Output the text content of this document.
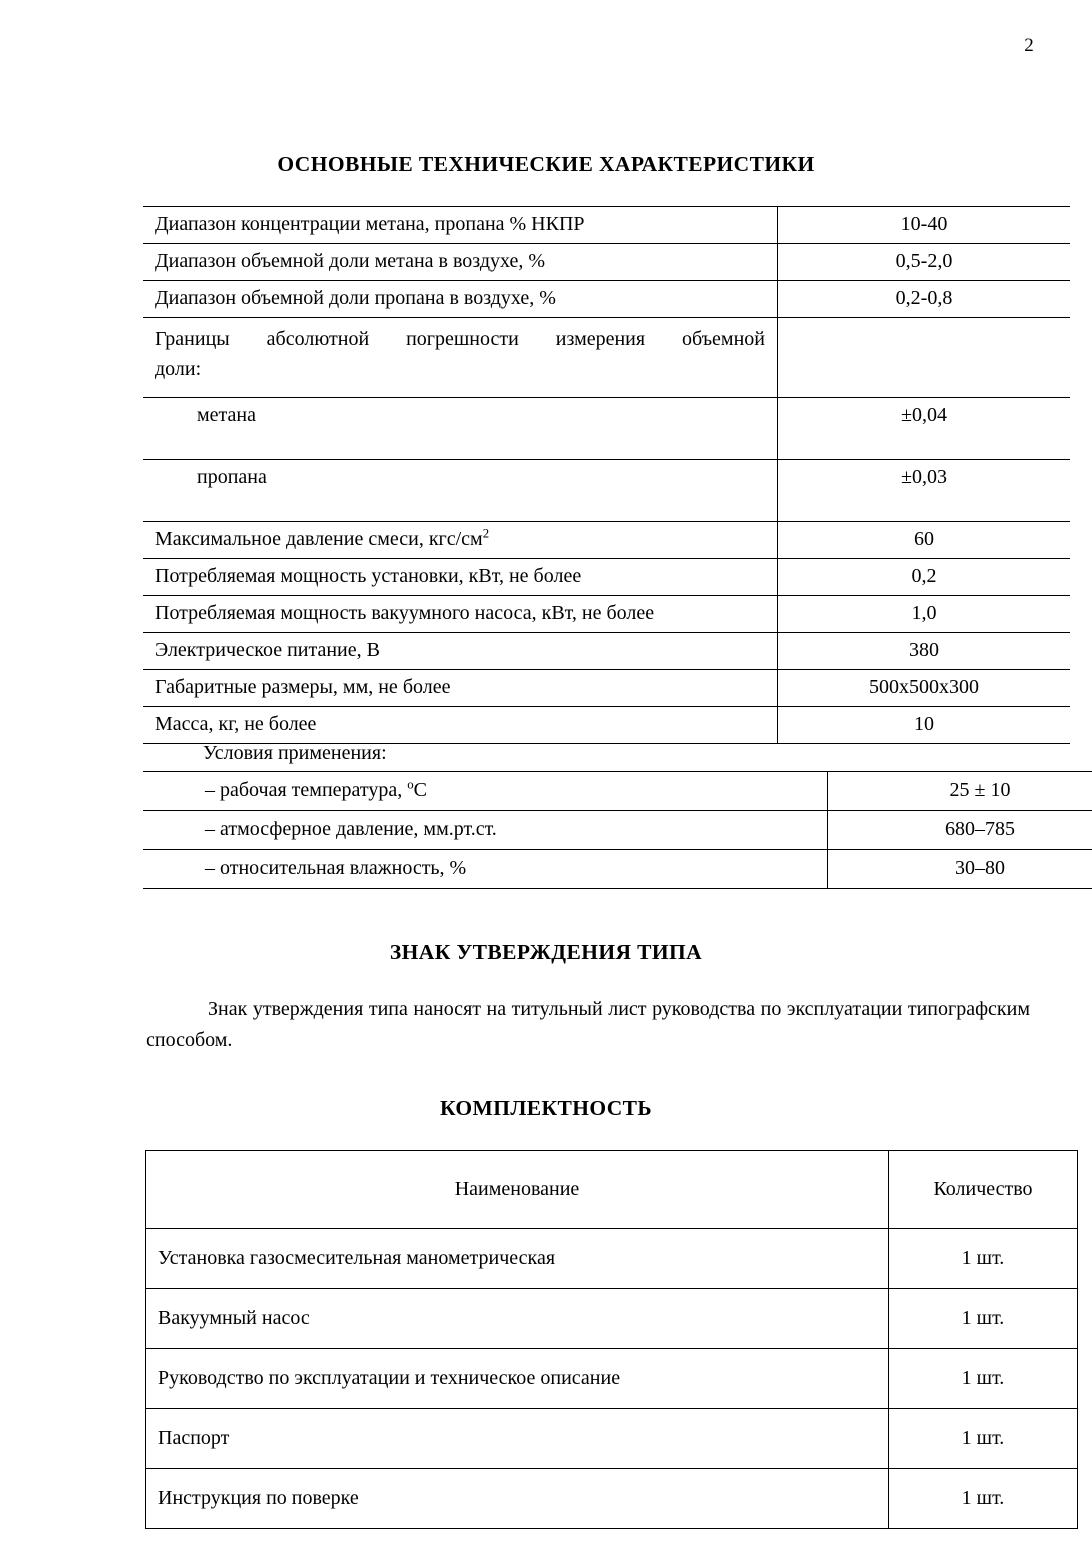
2
ОСНОВНЫЕ ТЕХНИЧЕСКИЕ ХАРАКТЕРИСТИКИ
Диапазон концентрации метана, пропана % НКПР	10-40
Диапазон объемной доли метана в воздухе, %	0,5-2,0
Диапазон объемной доли пропана в воздухе, %	0,2-0,8

Границы абсолютной погрешности измерения объемной
доли:	

метана	±0,04
пропана	±0,03
Максимальное давление смеси, кгс/$см^2$	60
Потребляемая мощность установки, кВт, не более	0,2
Потребляемая мощность вакуумного насоса, кВт, не более	1,0
Электрическое питание, В	380
Габаритные размеры, мм, не более	500x500x300
Масса, кг, не более	10
Условия применения:
– рабочая температура, $^о$С	25 ± 10
– атмосферное давление, мм.рт.ст.	680–785
– относительная влажность, %	30–80
ЗНАК УТВЕРЖДЕНИЯ ТИПА
Знак утверждения типа наносят на титульный лист руководства по эксплуатации типографским способом.
КОМПЛЕКТНОСТЬ
Наименование	Количество
Установка газосмесительная манометрическая	1 шт.
Вакуумный насос	1 шт.
Руководство по эксплуатации и техническое описание	1 шт.
Паспорт	1 шт.
Инструкция по поверке	1 шт.
